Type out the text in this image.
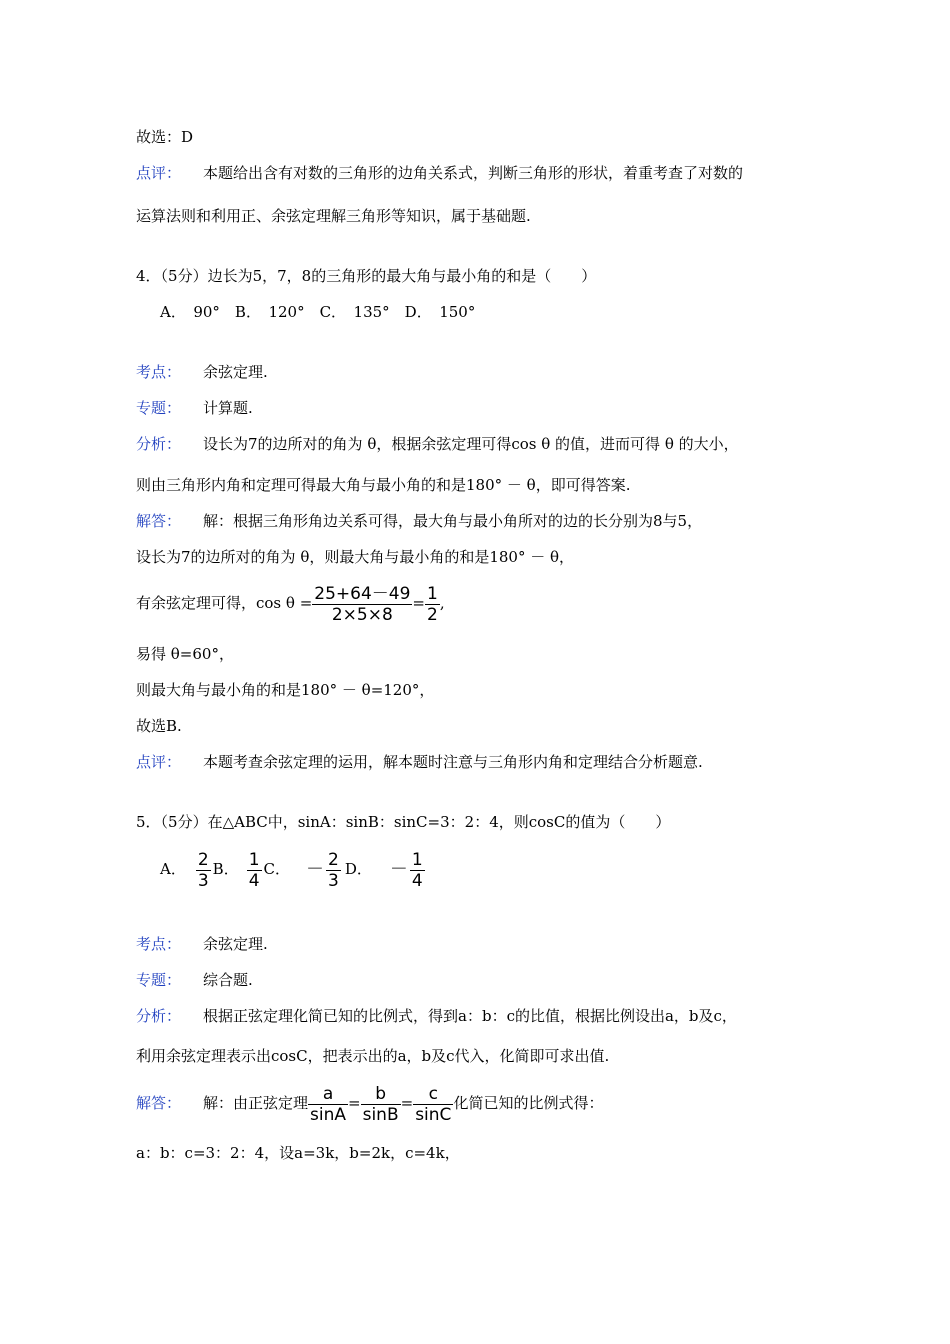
故选：D
点评： 本题给出含有对数的三角形的边角关系式，判断三角形的形状，着重考查了对数的
运算法则和利用正、余弦定理解三角形等知识，属于基础题.
4．（5分）边长为5，7，8的三角形的最大角与最小角的和是（　　）
A．　90°　B．　120°　C．　135°　D．　150°
考点： 余弦定理.
专题： 计算题.
分析： 设长为7的边所对的角为 θ，根据余弦定理可得cos θ 的值，进而可得 θ 的大小，
则由三角形内角和定理可得最大角与最小角的和是180° － θ，即可得答案.
解答： 解：根据三角形角边关系可得，最大角与最小角所对的边的长分别为8与5，
设长为7的边所对的角为 θ，则最大角与最小角的和是180° － θ，
有余弦定理可得，$\cos \theta = \frac{25+64-49}{2\times 5\times 8} = \frac{1}{2}$ ,
易得 θ=60°，
则最大角与最小角的和是180° － θ=120°，
故选B.
点评： 本题考查余弦定理的运用，解本题时注意与三角形内角和定理结合分析题意.
5．（5分）在△ABC中，sinA：sinB：sinC=3：2：4，则cosC的值为（　　）
A． $\frac{2}{3}$ B． $\frac{1}{4}$ C． － $\frac{2}{3}$ D． － $\frac{1}{4}$
考点： 余弦定理.
专题： 综合题.
分析： 根据正弦定理化简已知的比例式，得到a：b：c的比值，根据比例设出a，b及c，
利用余弦定理表示出cosC，把表示出的a，b及c代入，化简即可求出值.
解答： 解：由正弦定理 $\frac{a}{\sin A} = \frac{b}{\sin B} = \frac{c}{\sin C}$ 化简已知的比例式得：
a：b：c=3：2：4，设a=3k，b=2k，c=4k，
